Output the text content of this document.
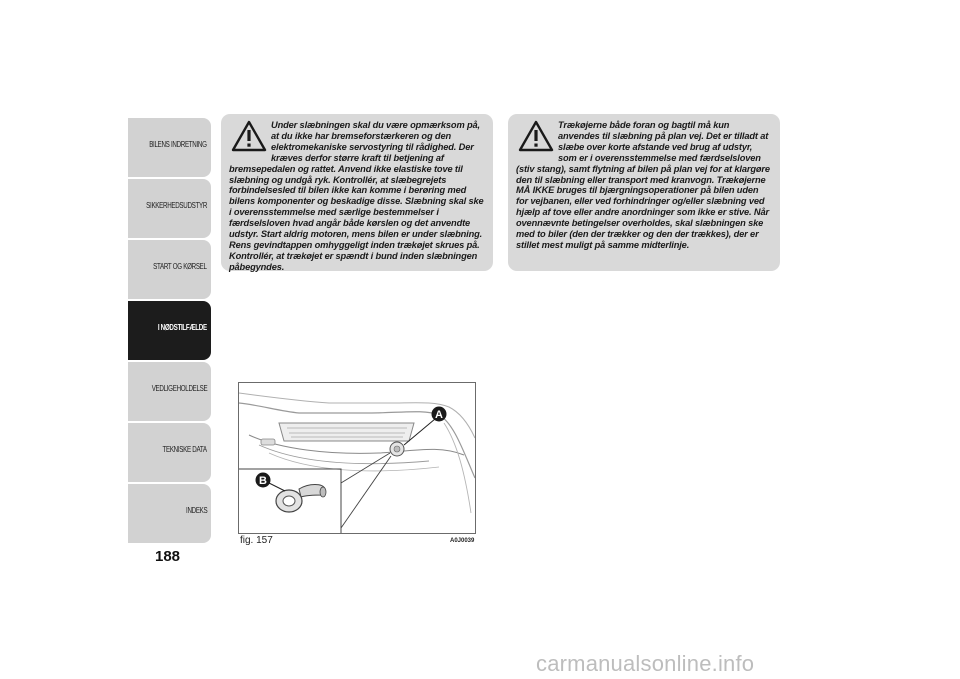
BILENS INDRETNING
SIKKERHEDSUDSTYR
START OG KØRSEL
I NØDSTILFÆLDE
VEDLIGEHOLDELSE
TEKNISKE DATA
INDEKS
188

Under slæbningen skal du være opmærksom på, at du ikke har bremseforstærkeren og den elektromekaniske servostyring til rådighed. Der kræves derfor større kraft til betjening af bremsepedalen og rattet. Anvend ikke elastiske tove til slæbning og undgå ryk. Kontrollér, at slæbegrejets forbindelsesled til bilen ikke kan komme i berøring med bilens komponenter og beskadige disse. Slæbning skal ske i overensstemmelse med særlige bestemmelser i færdselsloven hvad angår både kørslen og det anvendte udstyr. Start aldrig motoren, mens bilen er under slæbning. Rens gevindtappen omhyggeligt inden trækøjet skrues på. Kontrollér, at trækøjet er spændt i bund inden slæbningen påbegyndes.

Trækøjerne både foran og bagtil må kun anvendes til slæbning på plan vej. Det er tilladt at slæbe over korte afstande ved brug af udstyr, som er i overensstemmelse med færdselsloven (stiv stang), samt flytning af bilen på plan vej for at klargøre den til slæbning eller transport med kranvogn. Trækøjerne MÅ IKKE bruges til bjærgningsoperationer på bilen uden for vejbanen, eller ved forhindringer og/eller slæbning ved hjælp af tove eller andre anordninger som ikke er stive. Når ovennævnte betingelser overholdes, skal slæbningen ske med to biler (den der trækker og den der trækkes), der er stillet mest muligt på samme midterlinje.

A
B
fig. 157	A0J0039
carmanualsonline.info
